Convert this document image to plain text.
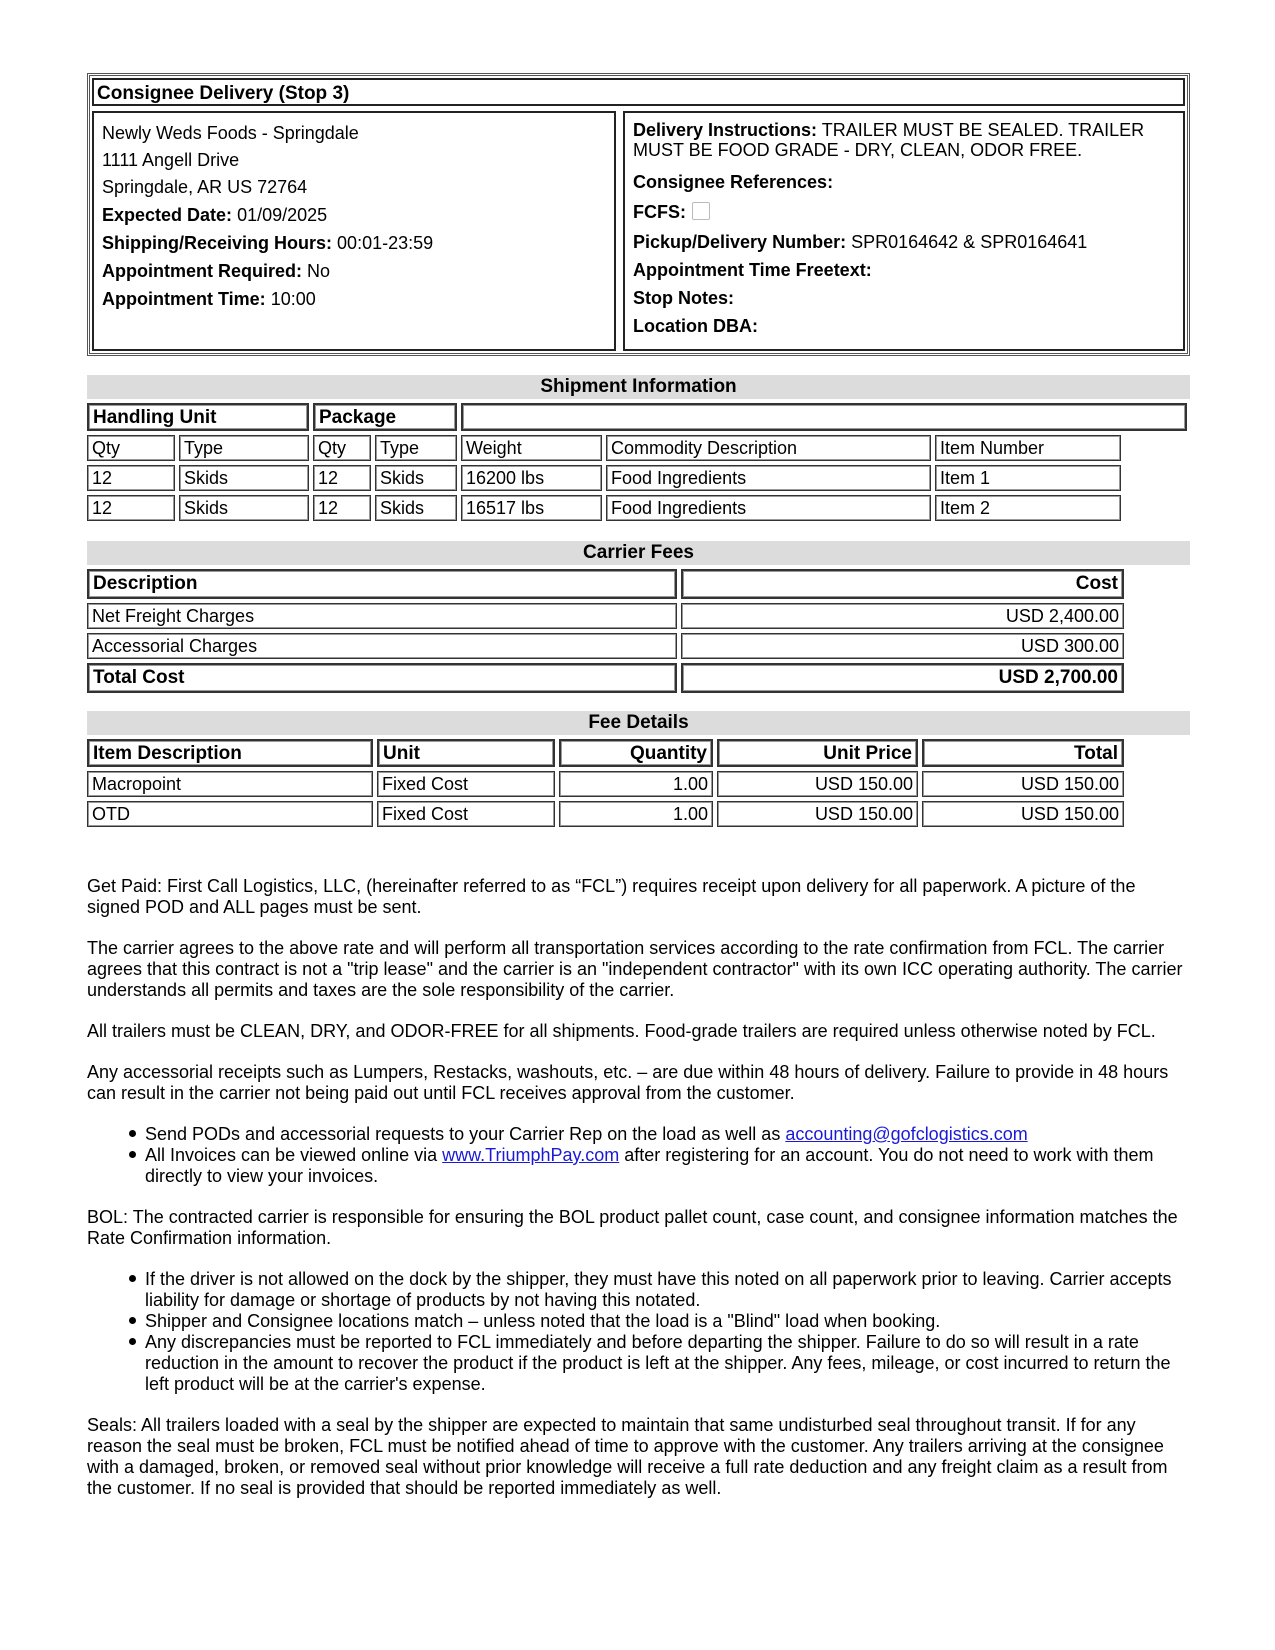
Consignee Delivery (Stop 3)
Newly Weds Foods - Springdale
1111 Angell Drive
Springdale, AR US 72764
Expected Date: 01/09/2025
Shipping/Receiving Hours: 00:01-23:59
Appointment Required: No
Appointment Time: 10:00
Delivery Instructions: TRAILER MUST BE SEALED. TRAILER MUST BE FOOD GRADE - DRY, CLEAN, ODOR FREE.
Consignee References:
FCFS:
Pickup/Delivery Number: SPR0164642 & SPR0164641
Appointment Time Freetext:
Stop Notes:
Location DBA:
Shipment Information
Handling Unit	Package
Qty	Type	Qty	Type	Weight	Commodity Description	Item Number
12	Skids	12	Skids	16200 lbs	Food Ingredients	Item 1
12	Skids	12	Skids	16517 lbs	Food Ingredients	Item 2
Carrier Fees
Description	Cost
Net Freight Charges	USD 2,400.00
Accessorial Charges	USD 300.00
Total Cost	USD 2,700.00
Fee Details
Item Description	Unit	Quantity	Unit Price	Total
Macropoint	Fixed Cost	1.00	USD 150.00	USD 150.00
OTD	Fixed Cost	1.00	USD 150.00	USD 150.00

Get Paid: First Call Logistics, LLC, (hereinafter referred to as “FCL”) requires receipt upon delivery for all paperwork. A picture of the signed POD and ALL pages must be sent.

The carrier agrees to the above rate and will perform all transportation services according to the rate confirmation from FCL. The carrier agrees that this contract is not a "trip lease" and the carrier is an "independent contractor" with its own ICC operating authority. The carrier understands all permits and taxes are the sole responsibility of the carrier.

All trailers must be CLEAN, DRY, and ODOR-FREE for all shipments. Food-grade trailers are required unless otherwise noted by FCL.

Any accessorial receipts such as Lumpers, Restacks, washouts, etc. – are due within 48 hours of delivery. Failure to provide in 48 hours can result in the carrier not being paid out until FCL receives approval from the customer.

Send PODs and accessorial requests to your Carrier Rep on the load as well as accounting@gofclogistics.com
All Invoices can be viewed online via www.TriumphPay.com after registering for an account. You do not need to work with them directly to view your invoices.

BOL: The contracted carrier is responsible for ensuring the BOL product pallet count, case count, and consignee information matches the Rate Confirmation information.

If the driver is not allowed on the dock by the shipper, they must have this noted on all paperwork prior to leaving. Carrier accepts liability for damage or shortage of products by not having this notated.
Shipper and Consignee locations match – unless noted that the load is a "Blind" load when booking.
Any discrepancies must be reported to FCL immediately and before departing the shipper. Failure to do so will result in a rate reduction in the amount to recover the product if the product is left at the shipper. Any fees, mileage, or cost incurred to return the left product will be at the carrier's expense.

Seals: All trailers loaded with a seal by the shipper are expected to maintain that same undisturbed seal throughout transit. If for any reason the seal must be broken, FCL must be notified ahead of time to approve with the customer. Any trailers arriving at the consignee with a damaged, broken, or removed seal without prior knowledge will receive a full rate deduction and any freight claim as a result from the customer. If no seal is provided that should be reported immediately as well.
